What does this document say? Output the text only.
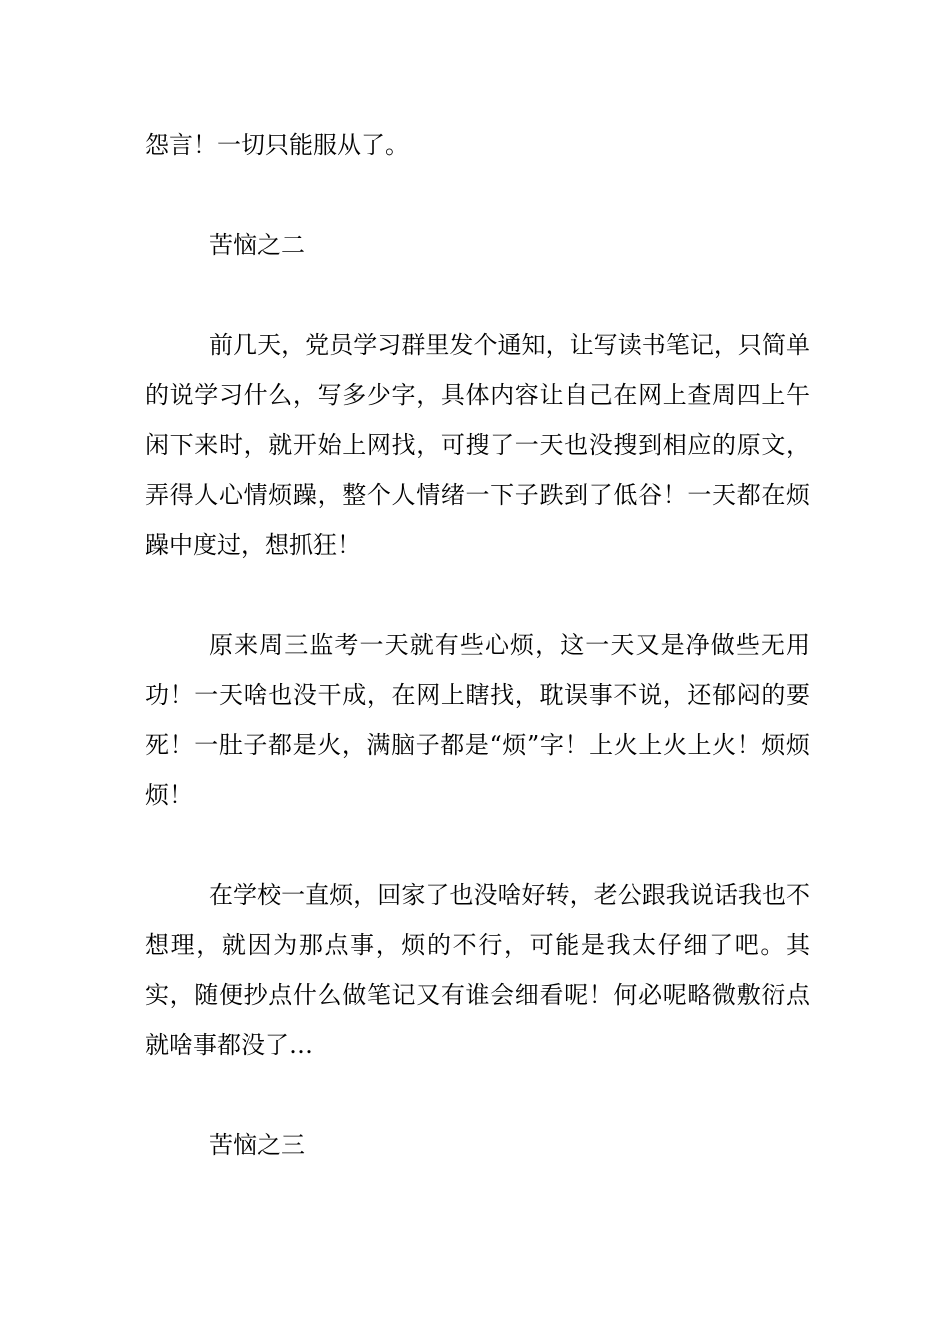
怨言！一切只能服从了。

苦恼之二

前几天，党员学习群里发个通知，让写读书笔记，只简单的说学习什么，写多少字，具体内容让自己在网上查周四上午闲下来时，就开始上网找，可搜了一天也没搜到相应的原文，弄得人心情烦躁，整个人情绪一下子跌到了低谷！一天都在烦躁中度过，想抓狂！

原来周三监考一天就有些心烦，这一天又是净做些无用功！一天啥也没干成，在网上瞎找，耽误事不说，还郁闷的要死！一肚子都是火，满脑子都是“烦”字！上火上火上火！烦烦烦！

在学校一直烦，回家了也没啥好转，老公跟我说话我也不想理，就因为那点事，烦的不行，可能是我太仔细了吧。其实，随便抄点什么做笔记又有谁会细看呢！何必呢略微敷衍点就啥事都没了…

苦恼之三
